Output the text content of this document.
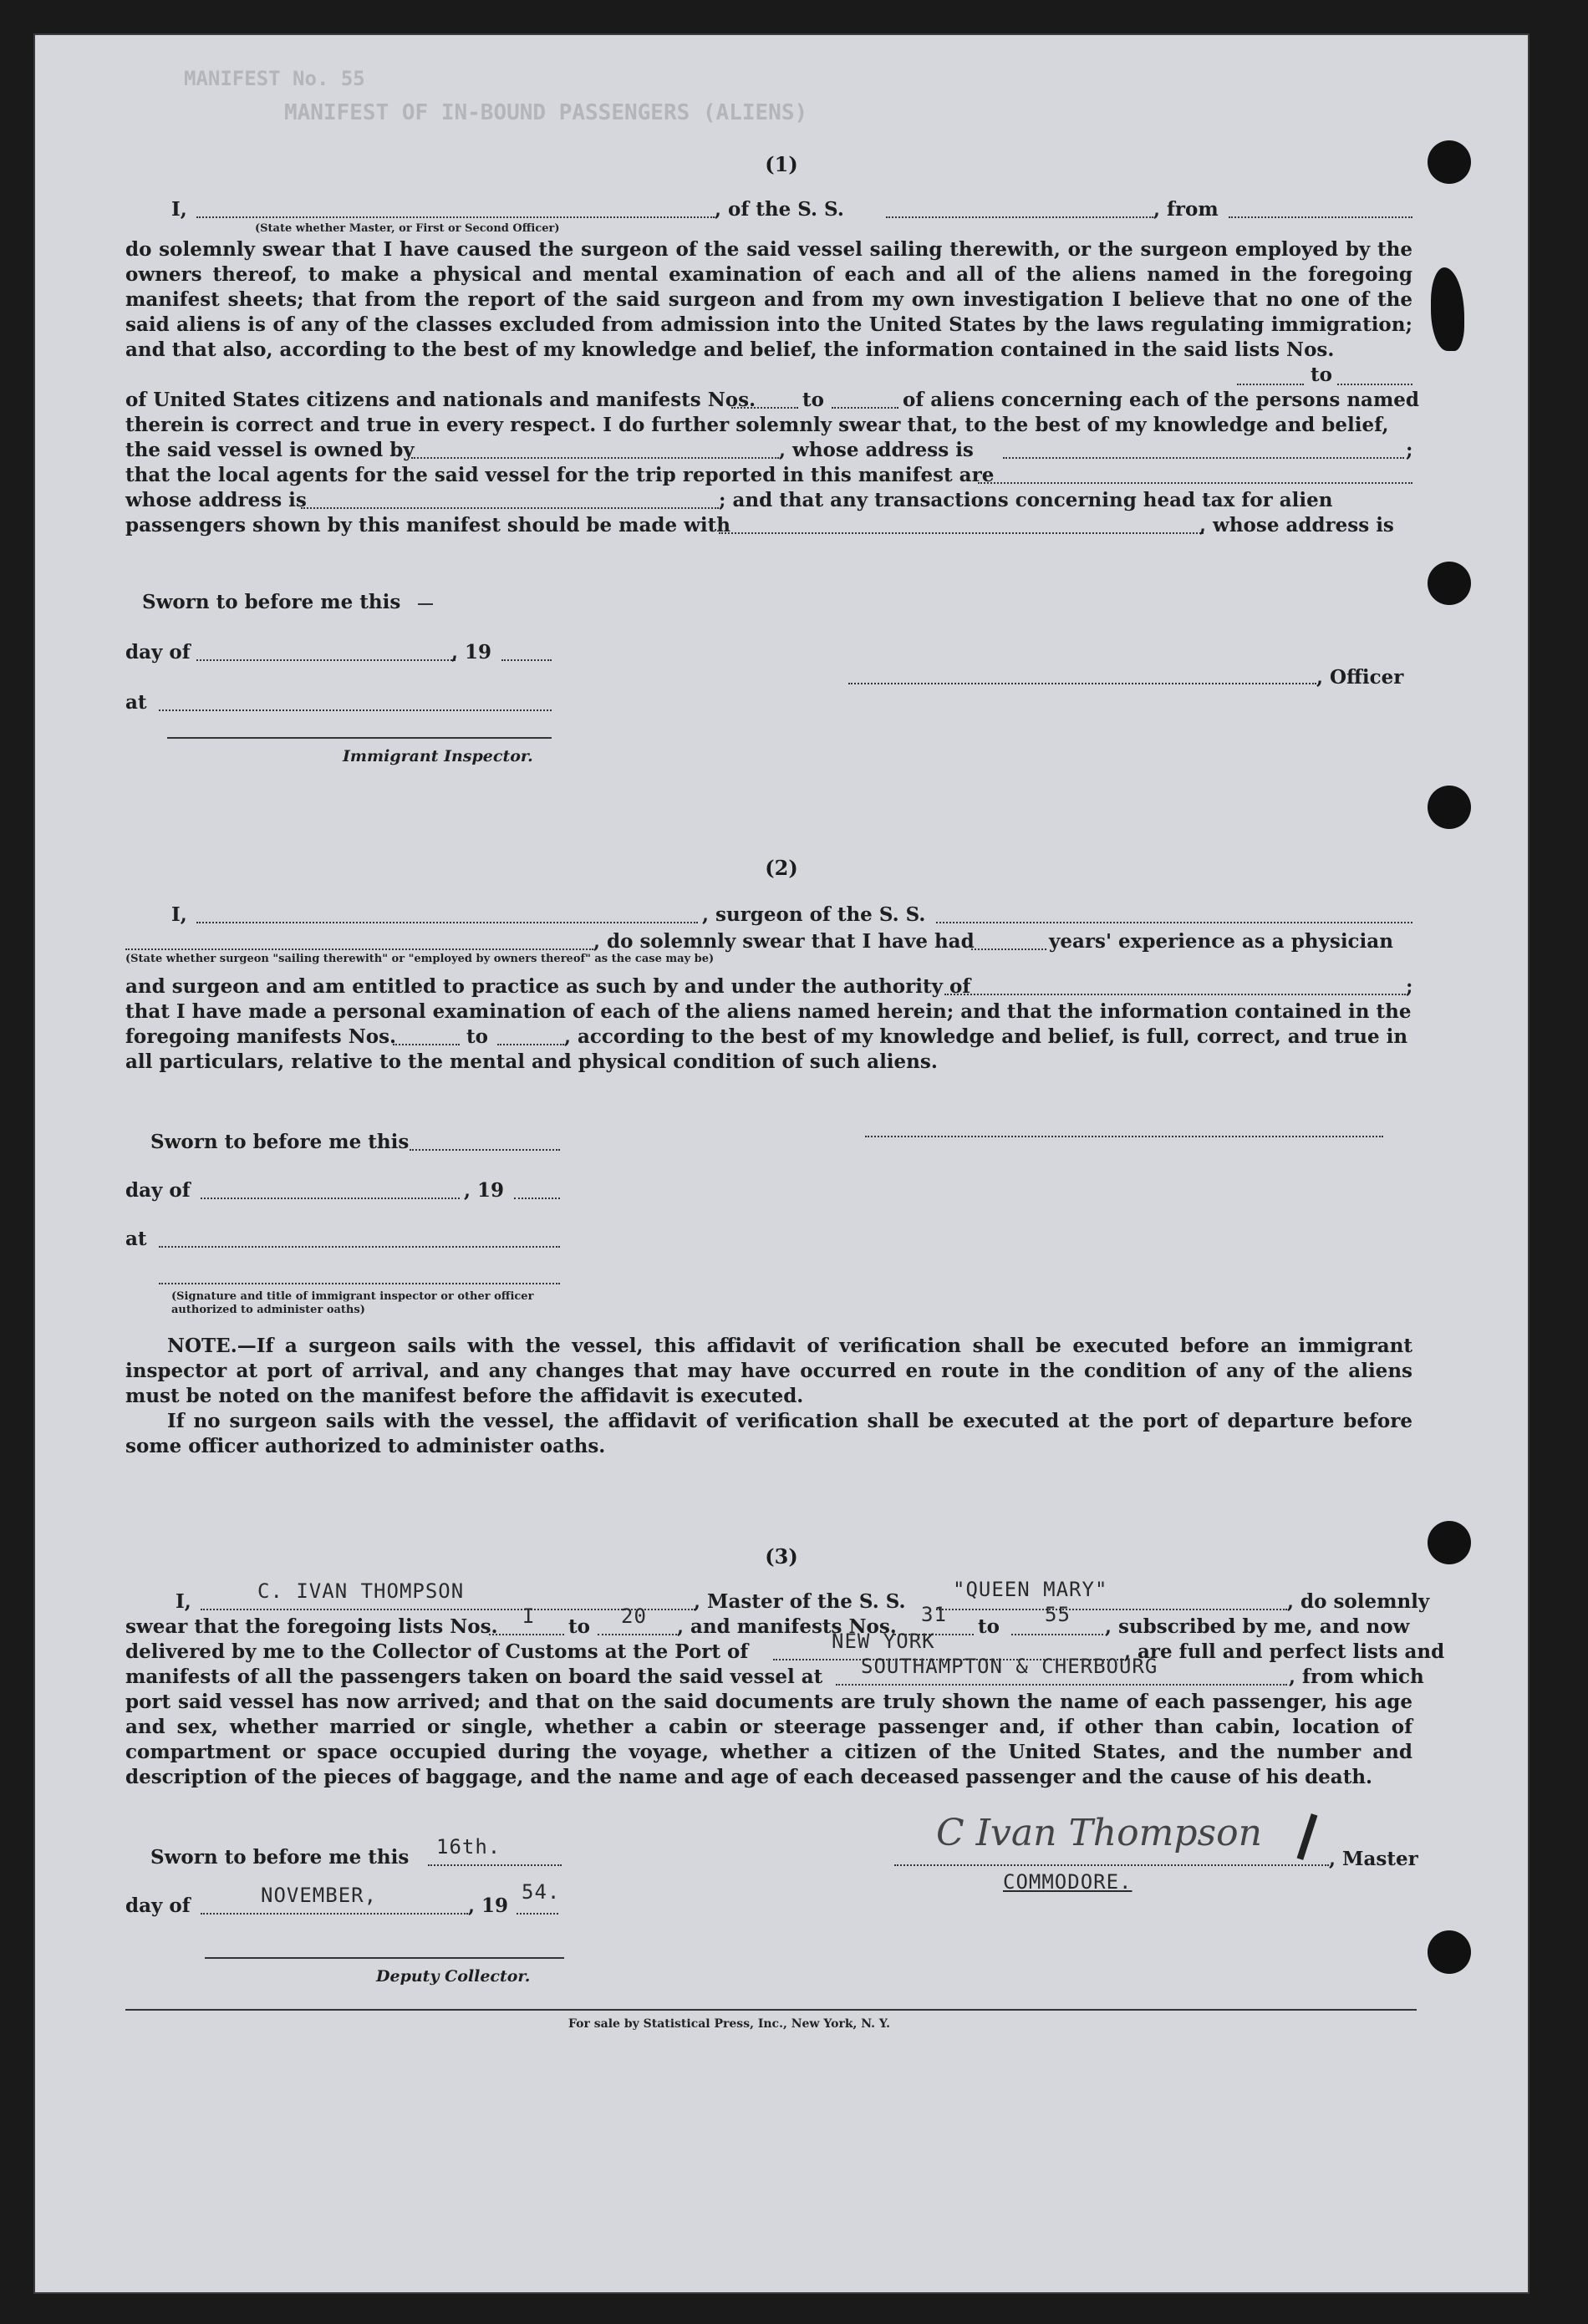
MANIFEST No. 55
MANIFEST OF IN-BOUND PASSENGERS (ALIENS)
(1)
I,	, of the S. S.	, from
(State whether Master, or First or Second Officer)
do solemnly swear that I have caused the surgeon of the said vessel sailing therewith, or the surgeon employed by the owners thereof, to make a physical and mental examination of each and all of the aliens named in the foregoing manifest sheets; that from the report of the said surgeon and from my own investigation I believe that no one of the said aliens is of any of the classes excluded from admission into the United States by the laws regulating immigration; and that also, according to the best of my knowledge and belief, the information contained in the said lists Nos.
to
of United States citizens and nationals and manifests Nos. to	of aliens concerning each of the persons named
therein is correct and true in every respect. I do further solemnly swear that, to the best of my knowledge and belief,
the said vessel is owned by	, whose address is	;
that the local agents for the said vessel for the trip reported in this manifest are
whose address is	; and that any transactions concerning head tax for alien
passengers shown by this manifest should be made with	, whose address is
Sworn to before me this
day of	, 19
, Officer
at
Immigrant Inspector.
(2)
I,	, surgeon of the S. S.
, do solemnly swear that I have had	years' experience as a physician
(State whether surgeon "sailing therewith" or "employed by owners thereof" as the case may be)
and surgeon and am entitled to practice as such by and under the authority of	;
that I have made a personal examination of each of the aliens named herein; and that the information contained in the
foregoing manifests Nos.	to	, according to the best of my knowledge and belief, is full, correct, and true in
all particulars, relative to the mental and physical condition of such aliens.
Sworn to before me this
day of	, 19
at
(Signature and title of immigrant inspector or other officer authorized to administer oaths)
NOTE.—If a surgeon sails with the vessel, this affidavit of verification shall be executed before an immigrant inspector at port of arrival, and any changes that may have occurred en route in the condition of any of the aliens must be noted on the manifest before the affidavit is executed.
If no surgeon sails with the vessel, the affidavit of verification shall be executed at the port of departure before some officer authorized to administer oaths.
(3)
I,	C. IVAN THOMPSON	, Master of the S. S.
"QUEEN MARY"
, do solemnly
swear that the foregoing lists Nos. I to 20 , and manifests Nos.
31
to
55
, subscribed by me, and now
delivered by me to the Collector of Customs at the Port of	NEW YORK	, are full and perfect lists and
manifests of all the passengers taken on board the said vessel at SOUTHAMPTON & CHERBOURG	, from which
port said vessel has now arrived; and that on the said documents are truly shown the name of each passenger, his age and sex, whether married or single, whether a cabin or steerage passenger and, if other than cabin, location of compartment or space occupied during the voyage, whether a citizen of the United States, and the number and description of the pieces of baggage, and the name and age of each deceased passenger and the cause of his death.
Sworn to before me this 16th.	C Ivan Thompson
, Master
COMMODORE.
day of	NOVEMBER,	, 19
54.
Deputy Collector.
For sale by Statistical Press, Inc., New York, N. Y.
